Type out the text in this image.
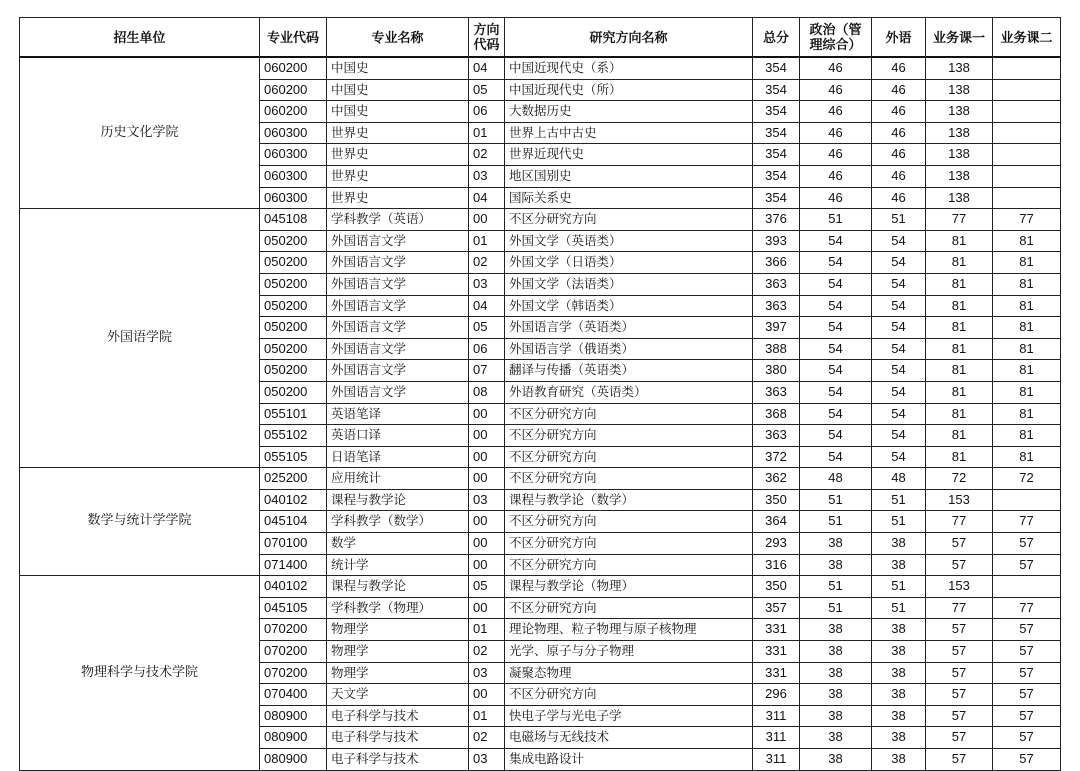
招生单位	专业代码	专业名称	方向代码	研究方向名称	总分	政治（管理综合）	外语	业务课一	业务课二
历史文化学院	060200	中国史	04	中国近现代史（系）	354	46	46	138	
	060200	中国史	05	中国近现代史（所）	354	46	46	138	
	060200	中国史	06	大数据历史	354	46	46	138	
	060300	世界史	01	世界上古中古史	354	46	46	138	
	060300	世界史	02	世界近现代史	354	46	46	138	
	060300	世界史	03	地区国别史	354	46	46	138	
	060300	世界史	04	国际关系史	354	46	46	138	
外国语学院	045108	学科教学（英语）	00	不区分研究方向	376	51	51	77	77
	050200	外国语言文学	01	外国文学（英语类）	393	54	54	81	81
	050200	外国语言文学	02	外国文学（日语类）	366	54	54	81	81
	050200	外国语言文学	03	外国文学（法语类）	363	54	54	81	81
	050200	外国语言文学	04	外国文学（韩语类）	363	54	54	81	81
	050200	外国语言文学	05	外国语言学（英语类）	397	54	54	81	81
	050200	外国语言文学	06	外国语言学（俄语类）	388	54	54	81	81
	050200	外国语言文学	07	翻译与传播（英语类）	380	54	54	81	81
	050200	外国语言文学	08	外语教育研究（英语类）	363	54	54	81	81
	055101	英语笔译	00	不区分研究方向	368	54	54	81	81
	055102	英语口译	00	不区分研究方向	363	54	54	81	81
	055105	日语笔译	00	不区分研究方向	372	54	54	81	81
数学与统计学学院	025200	应用统计	00	不区分研究方向	362	48	48	72	72
	040102	课程与教学论	03	课程与教学论（数学）	350	51	51	153	
	045104	学科教学（数学）	00	不区分研究方向	364	51	51	77	77
	070100	数学	00	不区分研究方向	293	38	38	57	57
	071400	统计学	00	不区分研究方向	316	38	38	57	57
物理科学与技术学院	040102	课程与教学论	05	课程与教学论（物理）	350	51	51	153	
	045105	学科教学（物理）	00	不区分研究方向	357	51	51	77	77
	070200	物理学	01	理论物理、粒子物理与原子核物理	331	38	38	57	57
	070200	物理学	02	光学、原子与分子物理	331	38	38	57	57
	070200	物理学	03	凝聚态物理	331	38	38	57	57
	070400	天文学	00	不区分研究方向	296	38	38	57	57
	080900	电子科学与技术	01	快电子学与光电子学	311	38	38	57	57
	080900	电子科学与技术	02	电磁场与无线技术	311	38	38	57	57
	080900	电子科学与技术	03	集成电路设计	311	38	38	57	57
